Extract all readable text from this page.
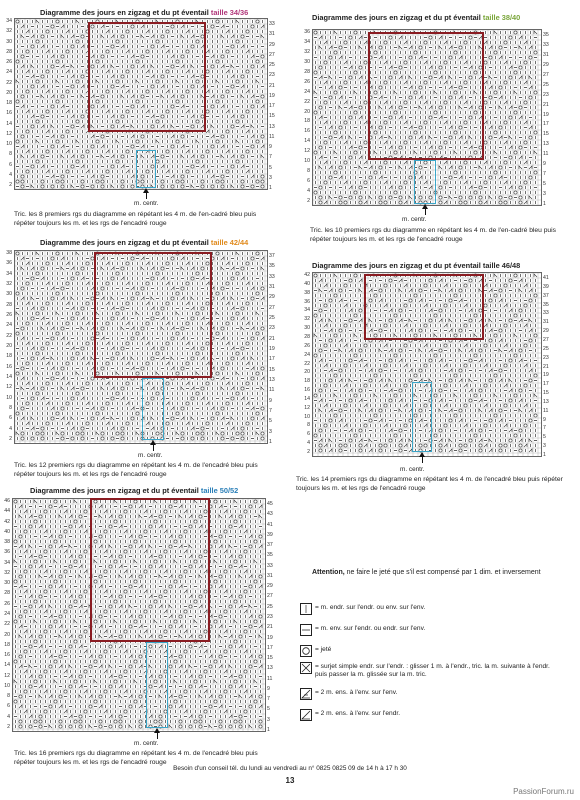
Diagramme des jours en zigzag et du pt éventail taille 34/36
34
32
30
28
26
24
22
20
18
16
14
12
10
8
6
4
2
33
31
29
27
25
23
21
19
17
15
13
11
9
7
5
3
1
m. centr.
Tric. les 8 premiers rgs du diagramme en répétant les 4 m. de l'en-cadré bleu puis répéter toujours les m. et les rgs de l'encadré rouge
Diagramme des jours en zigzag et du pt éventail taille 38/40
36
34
32
30
28
26
24
22
20
18
16
14
12
10
8
6
4
2
35
33
31
29
27
25
23
21
19
17
15
13
11
9
7
5
3
1
m. centr.
Tric. les 10 premiers rgs du diagramme en répétant les 4 m. de l'en-cadré bleu puis répéter toujours les m. et les rgs de l'encadré rouge
Diagramme des jours en zigzag et du pt éventail taille 42/44
38
36
34
32
30
28
26
24
22
20
18
16
14
12
10
8
6
4
2
37
35
33
31
29
27
25
23
21
19
17
15
13
11
9
7
5
3
1
m. centr.
Tric. les 12 premiers rgs du diagramme en répétant les 4 m. de l'encadré bleu puis répéter toujours les m. et les rgs de l'encadré rouge
Diagramme des jours en zigzag et du pt éventail taille 46/48
42
40
38
36
34
32
30
28
26
24
22
20
18
16
14
12
10
8
6
4
2
41
39
37
35
33
31
29
27
25
23
21
19
17
15
13
11
9
7
5
3
1
m. centr.
Tric. les 14 premiers rgs du diagramme en répétant les 4 m. de l'encadré bleu puis répéter toujours les m. et les rgs de l'encadré rouge
Diagramme des jours en zigzag et du pt éventail taille 50/52
46
44
42
40
38
36
34
32
30
28
26
24
22
20
18
16
14
12
10
8
6
4
2
45
43
41
39
37
35
33
31
29
27
25
23
21
19
17
15
13
11
9
7
5
3
1
m. centr.
Tric. les 16 premiers rgs du diagramme en répétant les 4 m. de l'encadré bleu puis répéter toujours les m. et les rgs de l'encadré rouge
Attention, ne faire le jeté que s'il est compensé par 1 dim. et inversement
= m. endr. sur l'endr. ou env. sur l'env.
= m. env. sur l'endr. ou endr. sur l'env.
= jeté
= surjet simple endr. sur l'endr. : glisser 1 m. à l'endr., tric. la m. suivante à l'endr. puis passer la m. glissée sur la m. tric.
= 2 m. ens. à l'env. sur l'env.
= 2 m. ens. à l'env. sur l'endr.
Besoin d'un conseil tél. du lundi au vendredi au n° 0825 0825 09 de 14 h à 17 h 30
13
PassionForum.ru
